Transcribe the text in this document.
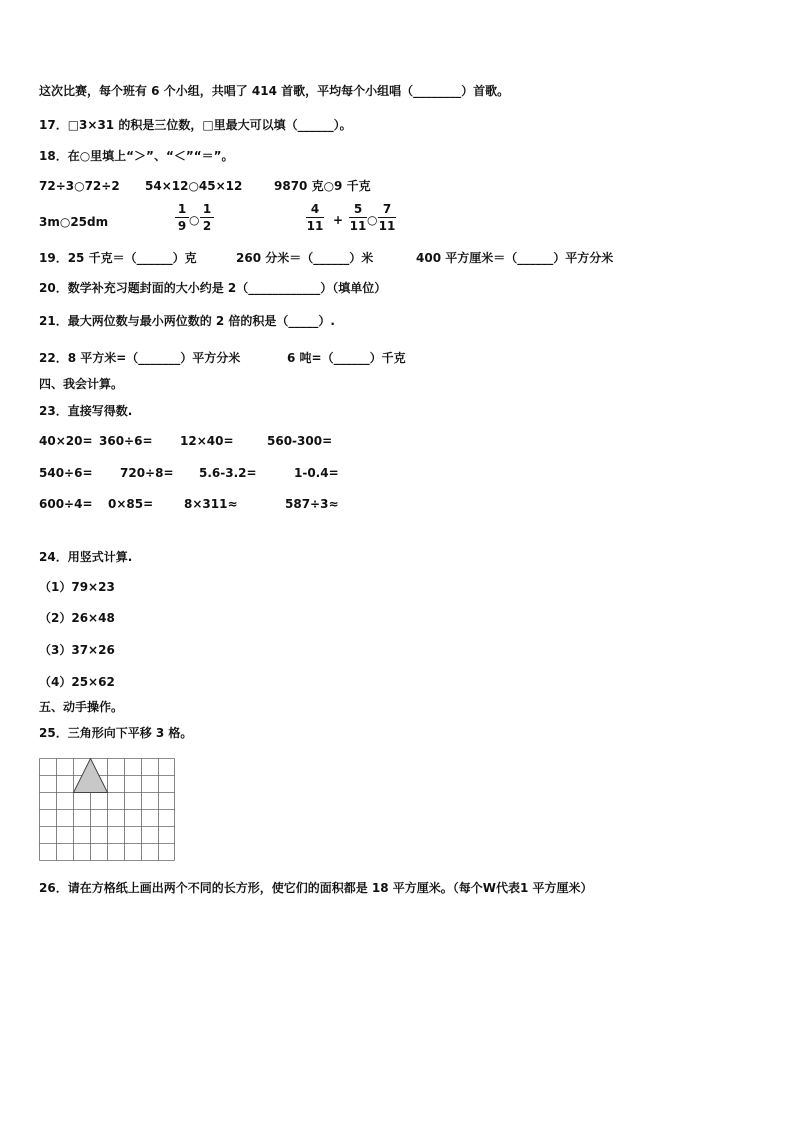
这次比赛，每个班有 6 个小组，共唱了 414 首歌，平均每个小组唱（________）首歌。
17．□3×31 的积是三位数，□里最大可以填（______）。
18．在○里填上“＞”、“＜”“＝”。
72÷3○72÷2 54×12○45×12	9870 克○9 千克
3m○25dm
1
9 ○
1
2
4
11 +
5
11 ○
7
11
19．25 千克＝（______）克	260 分米＝（______）米	400 平方厘米＝（______）平方分米
20．数学补充习题封面的大小约是 2（____________）（填单位）
21．最大两位数与最小两位数的 2 倍的积是（_____）.
22．8 平方米=（_______）平方分米	6 吨=（______）千克
四、我会计算。
23．直接写得数.
40×20= 360÷6= 12×40=	560-300=
540÷6= 720÷8= 5.6-3.2=	1-0.4=
600÷4= 0×85=	8×311≈	587÷3≈
24．用竖式计算.
（1）79×23
（2）26×48
（3）37×26
（4）25×62
五、动手操作。
25．三角形向下平移 3 格。
26．请在方格纸上画出两个不同的长方形，使它们的面积都是 18 平方厘米。（每个W代表1 平方厘米）
